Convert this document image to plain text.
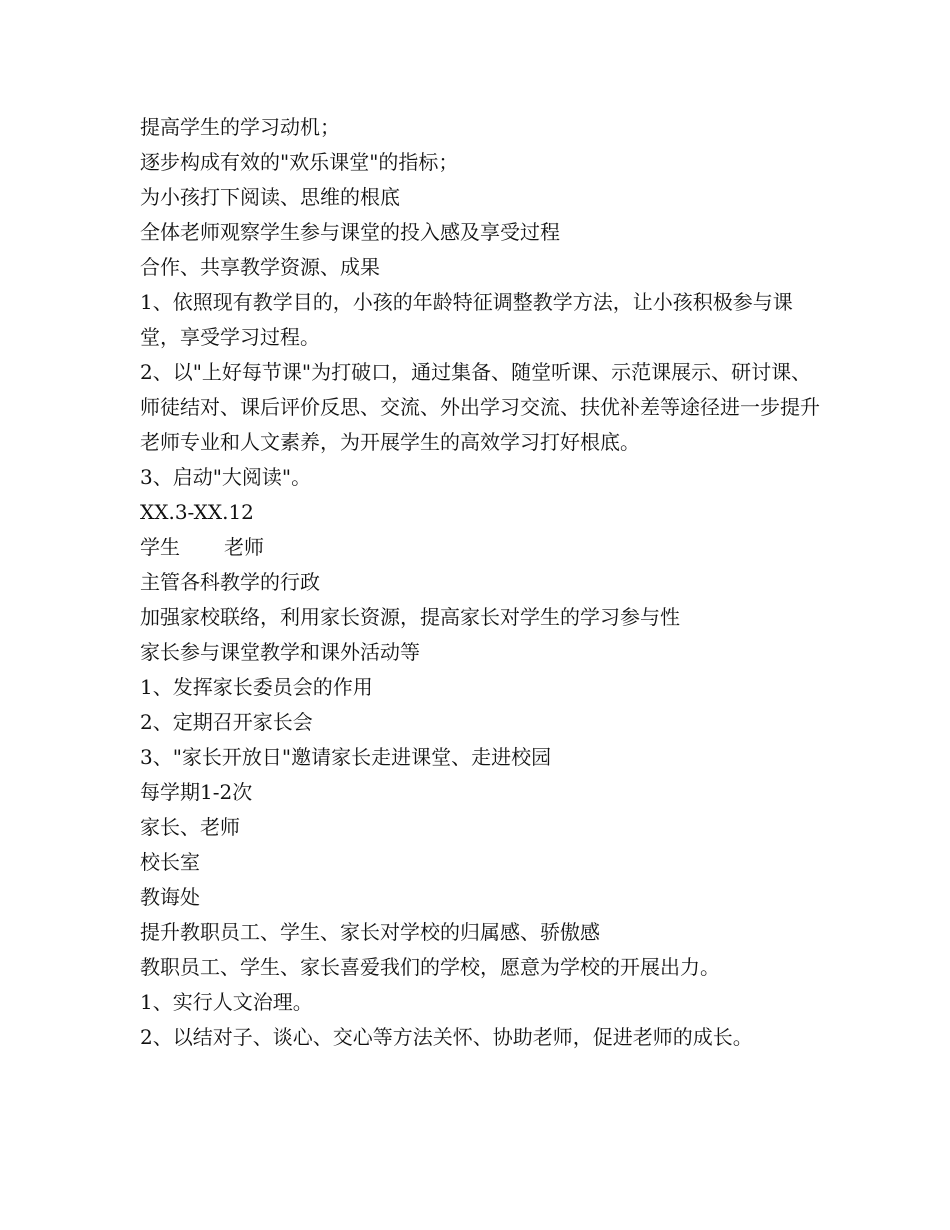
提高学生的学习动机；
逐步构成有效的"欢乐课堂"的指标；
为小孩打下阅读、思维的根底
全体老师观察学生参与课堂的投入感及享受过程
合作、共享教学资源、成果
1、依照现有教学目的，小孩的年龄特征调整教学方法，让小孩积极参与课堂，享受学习过程。
2、以"上好每节课"为打破口，通过集备、随堂听课、示范课展示、研讨课、师徒结对、课后评价反思、交流、外出学习交流、扶优补差等途径进一步提升老师专业和人文素养，为开展学生的高效学习打好根底。
3、启动"大阅读"。
XX.3-XX.12
学生 老师
主管各科教学的行政
加强家校联络，利用家长资源，提高家长对学生的学习参与性
家长参与课堂教学和课外活动等
1、发挥家长委员会的作用
2、定期召开家长会
3、"家长开放日"邀请家长走进课堂、走进校园
每学期1-2次
家长、老师
校长室
教诲处
提升教职员工、学生、家长对学校的归属感、骄傲感
教职员工、学生、家长喜爱我们的学校，愿意为学校的开展出力。
1、实行人文治理。
2、以结对子、谈心、交心等方法关怀、协助老师，促进老师的成长。
